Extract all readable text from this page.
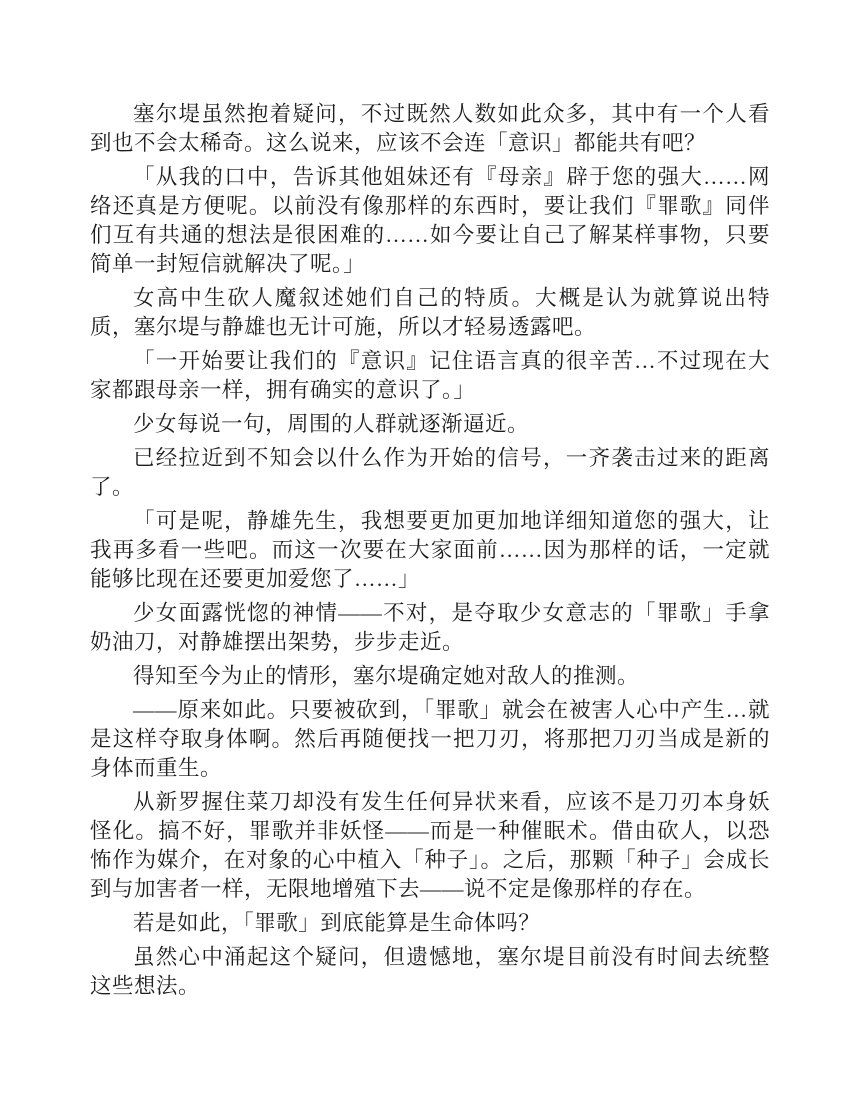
塞尔堤虽然抱着疑问，不过既然人数如此众多，其中有一个人看到也不会太稀奇。这么说来，应该不会连「意识」都能共有吧？

「从我的口中，告诉其他姐妹还有『母亲』辟于您的强大……网络还真是方便呢。以前没有像那样的东西时，要让我们『罪歌』同伴们互有共通的想法是很困难的……如今要让自己了解某样事物，只要简单一封短信就解决了呢。」

女高中生砍人魔叙述她们自己的特质。大概是认为就算说出特质，塞尔堤与静雄也无计可施，所以才轻易透露吧。

「一开始要让我们的『意识』记住语言真的很辛苦…不过现在大家都跟母亲一样，拥有确实的意识了。」

少女每说一句，周围的人群就逐渐逼近。

已经拉近到不知会以什么作为开始的信号，一齐袭击过来的距离了。

「可是呢，静雄先生，我想要更加更加地详细知道您的强大，让我再多看一些吧。而这一次要在大家面前……因为那样的话，一定就能够比现在还要更加爱您了……」

少女面露恍惚的神情——不对，是夺取少女意志的「罪歌」手拿奶油刀，对静雄摆出架势，步步走近。

得知至今为止的情形，塞尔堤确定她对敌人的推测。

——原来如此。只要被砍到，「罪歌」就会在被害人心中产生…就是这样夺取身体啊。然后再随便找一把刀刃，将那把刀刃当成是新的身体而重生。

从新罗握住菜刀却没有发生任何异状来看，应该不是刀刃本身妖怪化。搞不好，罪歌并非妖怪——而是一种催眠术。借由砍人，以恐怖作为媒介，在对象的心中植入「种子」。之后，那颗「种子」会成长到与加害者一样，无限地增殖下去——说不定是像那样的存在。

若是如此，「罪歌」到底能算是生命体吗？

虽然心中涌起这个疑问，但遗憾地，塞尔堤目前没有时间去统整这些想法。
